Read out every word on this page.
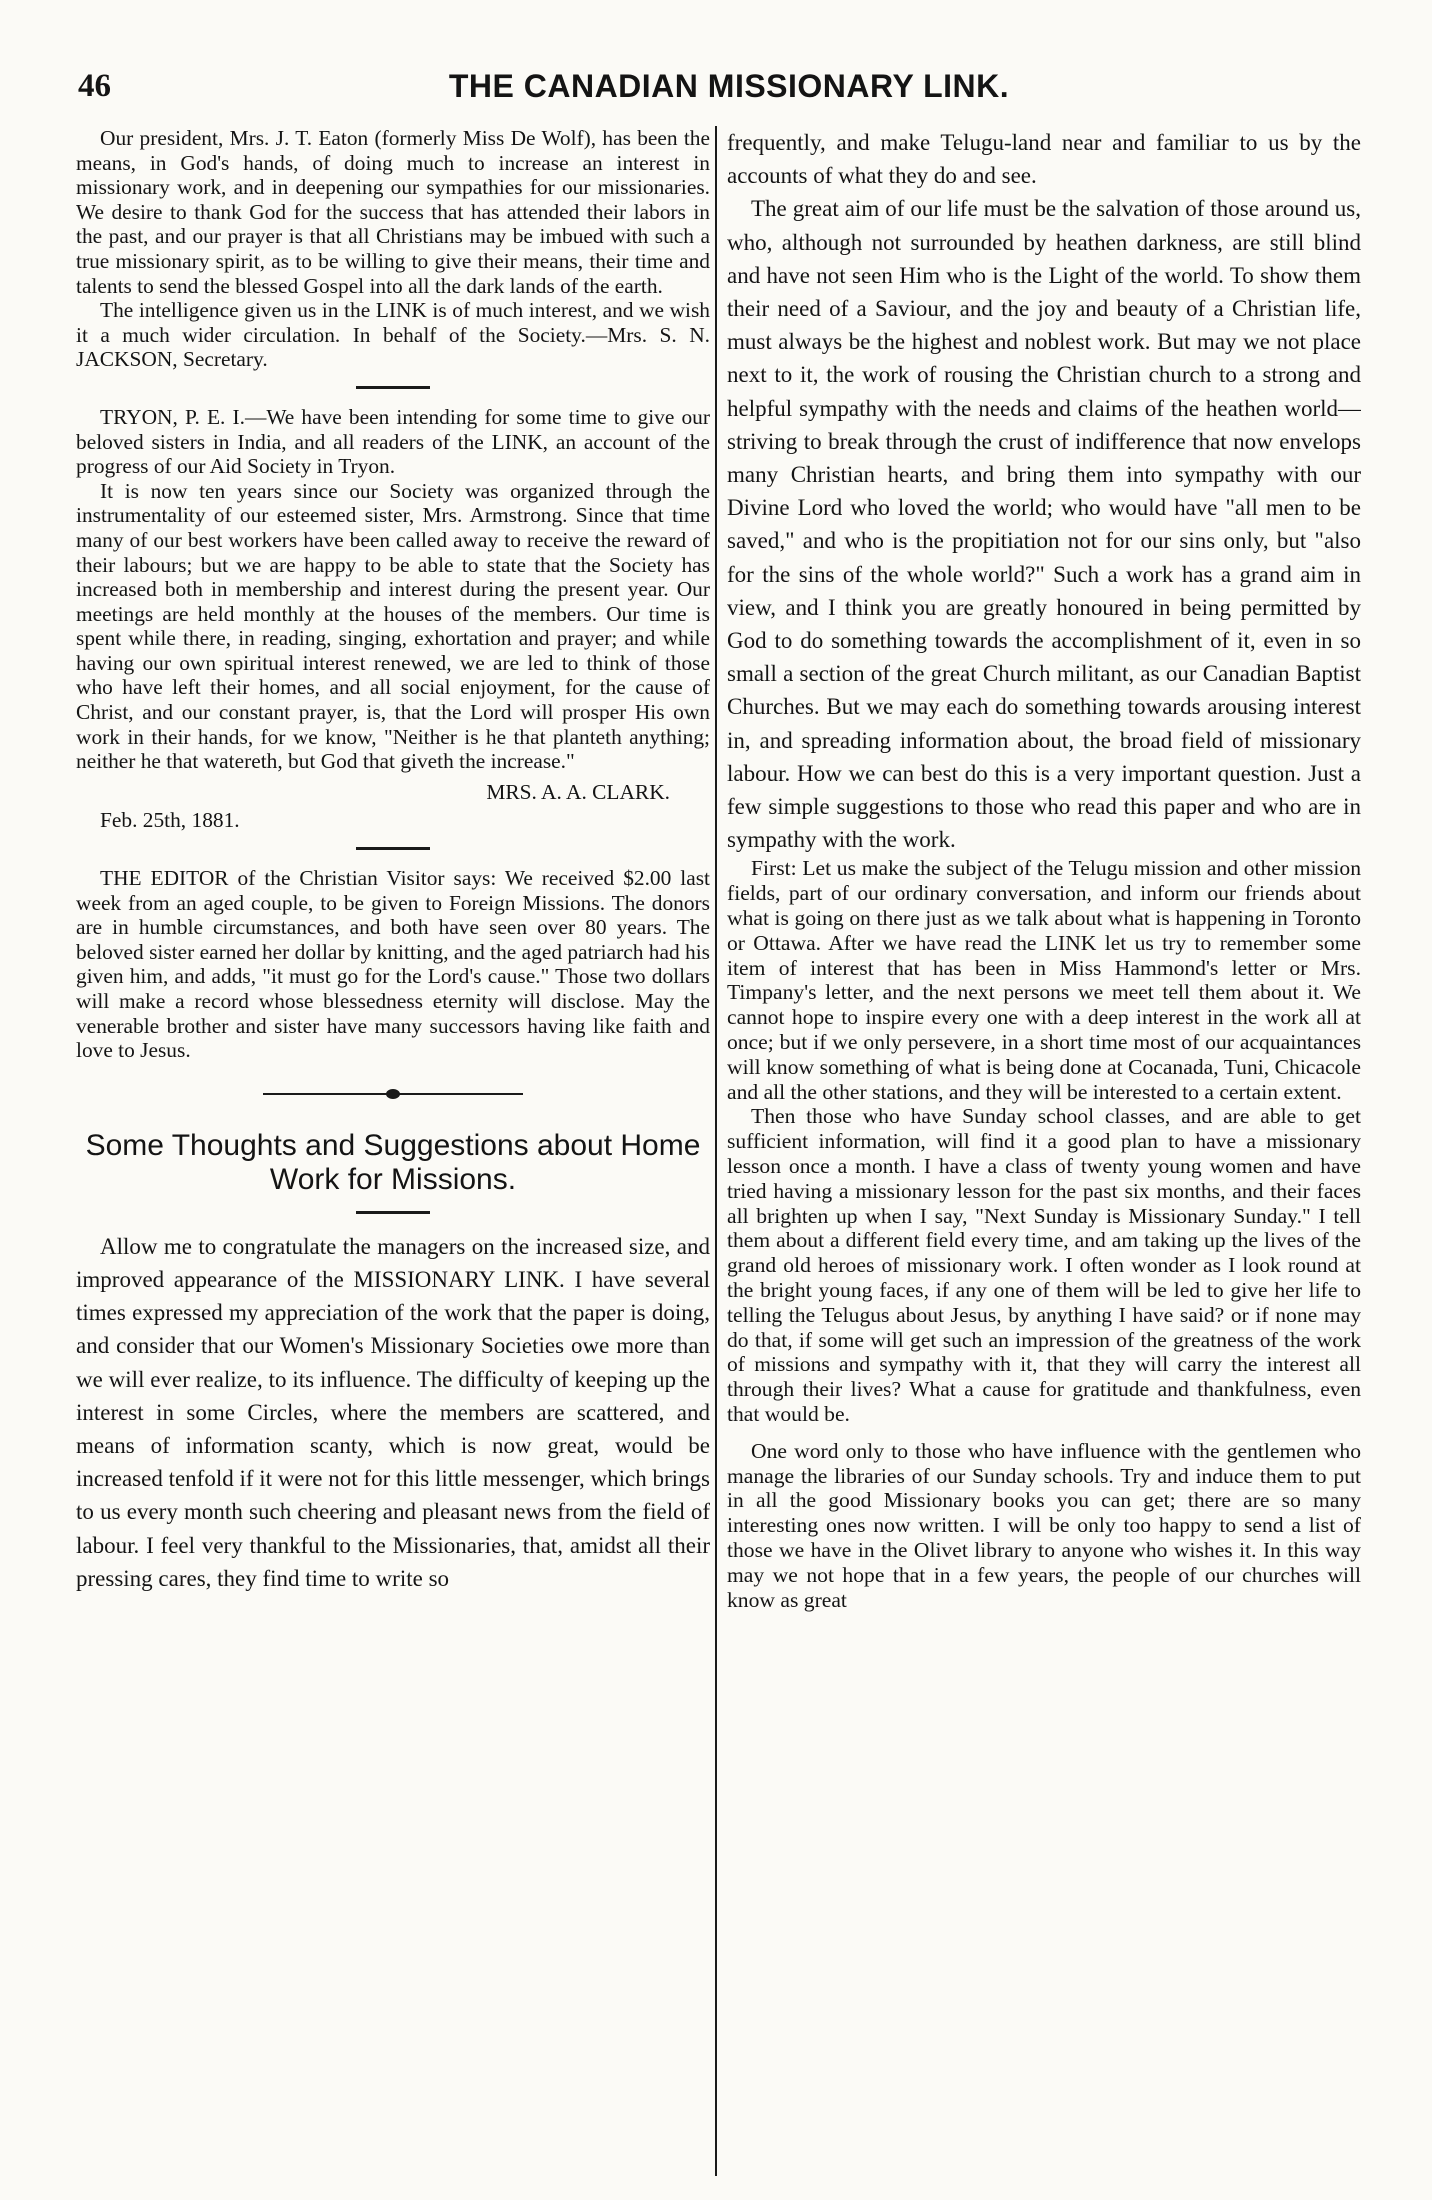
46	THE CANADIAN MISSIONARY LINK.

Our president, Mrs. J. T. Eaton (formerly Miss De Wolf), has been the means, in God's hands, of doing much to increase an interest in missionary work, and in deepening our sympathies for our missionaries. We desire to thank God for the success that has attended their labors in the past, and our prayer is that all Christians may be imbued with such a true missionary spirit, as to be willing to give their means, their time and talents to send the blessed Gospel into all the dark lands of the earth.

The intelligence given us in the LINK is of much interest, and we wish it a much wider circulation. In behalf of the Society.—Mrs. S. N. JACKSON, Secretary.

TRYON, P. E. I.—We have been intending for some time to give our beloved sisters in India, and all readers of the LINK, an account of the progress of our Aid Society in Tryon.

It is now ten years since our Society was organized through the instrumentality of our esteemed sister, Mrs. Armstrong. Since that time many of our best workers have been called away to receive the reward of their labours; but we are happy to be able to state that the Society has increased both in membership and interest during the present year. Our meetings are held monthly at the houses of the members. Our time is spent while there, in reading, singing, exhortation and prayer; and while having our own spiritual interest renewed, we are led to think of those who have left their homes, and all social enjoyment, for the cause of Christ, and our constant prayer, is, that the Lord will prosper His own work in their hands, for we know, "Neither is he that planteth anything; neither he that watereth, but God that giveth the increase."

MRS. A. A. CLARK.

Feb. 25th, 1881.

THE EDITOR of the Christian Visitor says: We received $2.00 last week from an aged couple, to be given to Foreign Missions. The donors are in humble circumstances, and both have seen over 80 years. The beloved sister earned her dollar by knitting, and the aged patriarch had his given him, and adds, "it must go for the Lord's cause." Those two dollars will make a record whose blessedness eternity will disclose. May the venerable brother and sister have many successors having like faith and love to Jesus.

Some Thoughts and Suggestions about Home Work for Missions.

Allow me to congratulate the managers on the increased size, and improved appearance of the MISSIONARY LINK. I have several times expressed my appreciation of the work that the paper is doing, and consider that our Women's Missionary Societies owe more than we will ever realize, to its influence. The difficulty of keeping up the interest in some Circles, where the members are scattered, and means of information scanty, which is now great, would be increased tenfold if it were not for this little messenger, which brings to us every month such cheering and pleasant news from the field of labour. I feel very thankful to the Missionaries, that, amidst all their pressing cares, they find time to write so

frequently, and make Telugu-land near and familiar to us by the accounts of what they do and see.

The great aim of our life must be the salvation of those around us, who, although not surrounded by heathen darkness, are still blind and have not seen Him who is the Light of the world. To show them their need of a Saviour, and the joy and beauty of a Christian life, must always be the highest and noblest work. But may we not place next to it, the work of rousing the Christian church to a strong and helpful sympathy with the needs and claims of the heathen world—striving to break through the crust of indifference that now envelops many Christian hearts, and bring them into sympathy with our Divine Lord who loved the world; who would have "all men to be saved," and who is the propitiation not for our sins only, but "also for the sins of the whole world?" Such a work has a grand aim in view, and I think you are greatly honoured in being permitted by God to do something towards the accomplishment of it, even in so small a section of the great Church militant, as our Canadian Baptist Churches. But we may each do something towards arousing interest in, and spreading information about, the broad field of missionary labour. How we can best do this is a very important question. Just a few simple suggestions to those who read this paper and who are in sympathy with the work.

First: Let us make the subject of the Telugu mission and other mission fields, part of our ordinary conversation, and inform our friends about what is going on there just as we talk about what is happening in Toronto or Ottawa. After we have read the LINK let us try to remember some item of interest that has been in Miss Hammond's letter or Mrs. Timpany's letter, and the next persons we meet tell them about it. We cannot hope to inspire every one with a deep interest in the work all at once; but if we only persevere, in a short time most of our acquaintances will know something of what is being done at Cocanada, Tuni, Chicacole and all the other stations, and they will be interested to a certain extent.

Then those who have Sunday school classes, and are able to get sufficient information, will find it a good plan to have a missionary lesson once a month. I have a class of twenty young women and have tried having a missionary lesson for the past six months, and their faces all brighten up when I say, "Next Sunday is Missionary Sunday." I tell them about a different field every time, and am taking up the lives of the grand old heroes of missionary work. I often wonder as I look round at the bright young faces, if any one of them will be led to give her life to telling the Telugus about Jesus, by anything I have said? or if none may do that, if some will get such an impression of the greatness of the work of missions and sympathy with it, that they will carry the interest all through their lives? What a cause for gratitude and thankfulness, even that would be.

One word only to those who have influence with the gentlemen who manage the libraries of our Sunday schools. Try and induce them to put in all the good Missionary books you can get; there are so many interesting ones now written. I will be only too happy to send a list of those we have in the Olivet library to anyone who wishes it. In this way may we not hope that in a few years, the people of our churches will know as great
